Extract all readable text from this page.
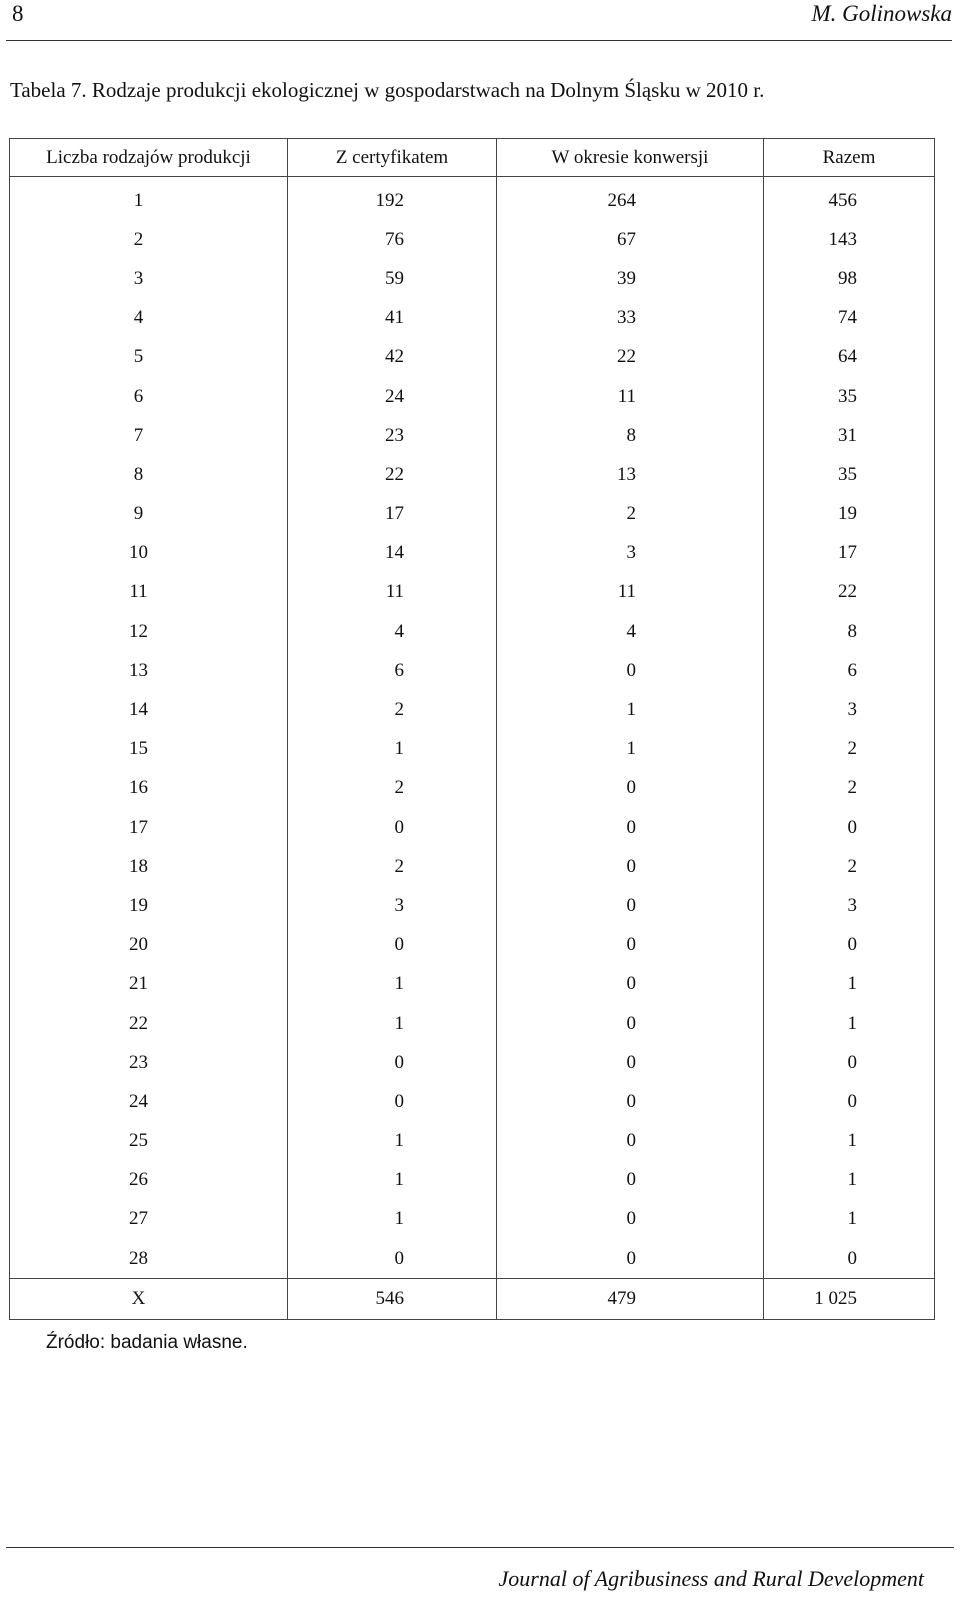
8	M. Golinowska
Tabela 7. Rodzaje produkcji ekologicznej w gospodarstwach na Dolnym Śląsku w 2010 r.
Liczba rodzajów produkcji	Z certyfikatem	W okresie konwersji	Razem
1	192	264	456
2	76	67	143
3	59	39	98
4	41	33	74
5	42	22	64
6	24	11	35
7	23	8	31
8	22	13	35
9	17	2	19
10	14	3	17
11	11	11	22
12	4	4	8
13	6	0	6
14	2	1	3
15	1	1	2
16	2	0	2
17	0	0	0
18	2	0	2
19	3	0	3
20	0	0	0
21	1	0	1
22	1	0	1
23	0	0	0
24	0	0	0
25	1	0	1
26	1	0	1
27	1	0	1
28	0	0	0
X	546	479	1 025
Źródło: badania własne.
Journal of Agribusiness and Rural Development
